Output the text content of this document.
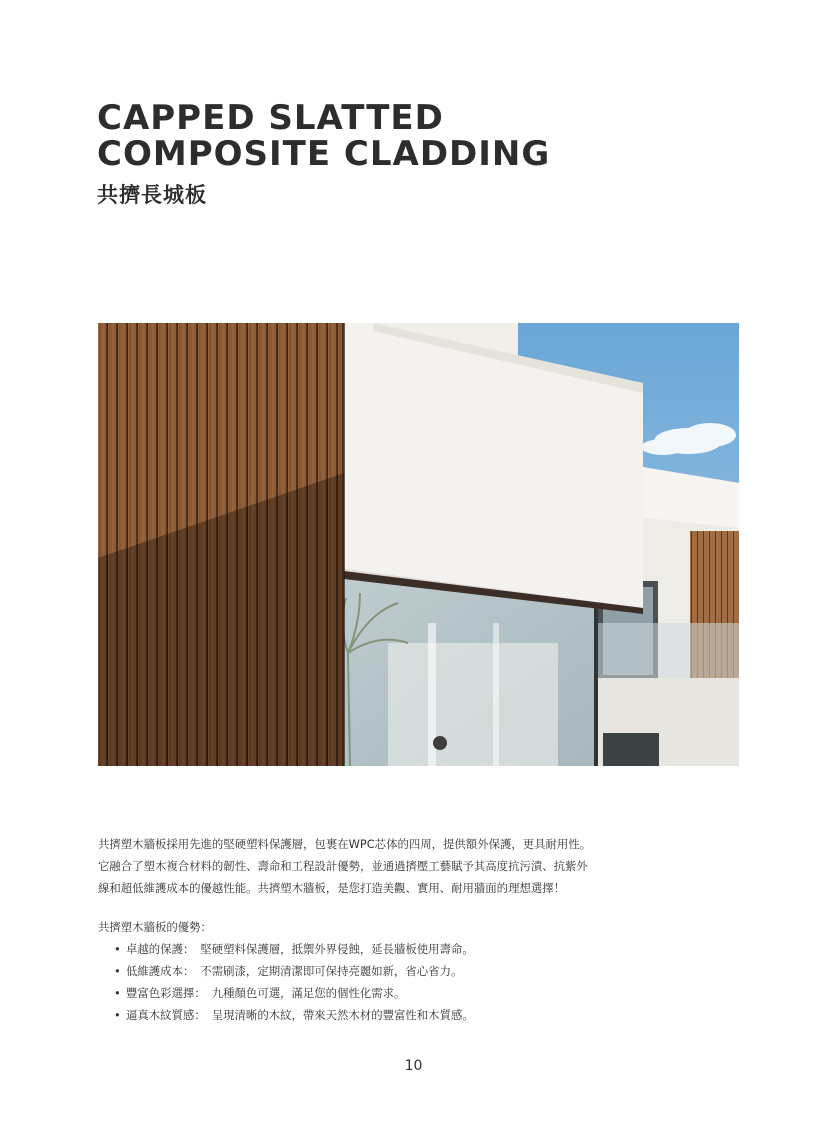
CAPPED SLATTED
COMPOSITE CLADDING
共擠長城板

共擠塑木牆板採用先進的堅硬塑料保護層，包裹在WPC芯体的四周，提供額外保護，更具耐用性。
它融合了塑木複合材料的韌性、壽命和工程設計優勢，並通過擠壓工藝賦予其高度抗污漬、抗紫外
線和超低維護成本的優越性能。共擠塑木牆板，是您打造美觀、實用、耐用牆面的理想選擇！

共擠塑木牆板的優勢：

• 卓越的保護： 堅硬塑料保護層，抵禦外界侵蝕，延長牆板使用壽命。
• 低維護成本： 不需刷漆，定期清潔即可保持亮麗如新，省心省力。
• 豐富色彩選擇： 九種顏色可選，滿足您的個性化需求。
• 逼真木紋質感： 呈現清晰的木紋，帶來天然木材的豐富性和木質感。
10
